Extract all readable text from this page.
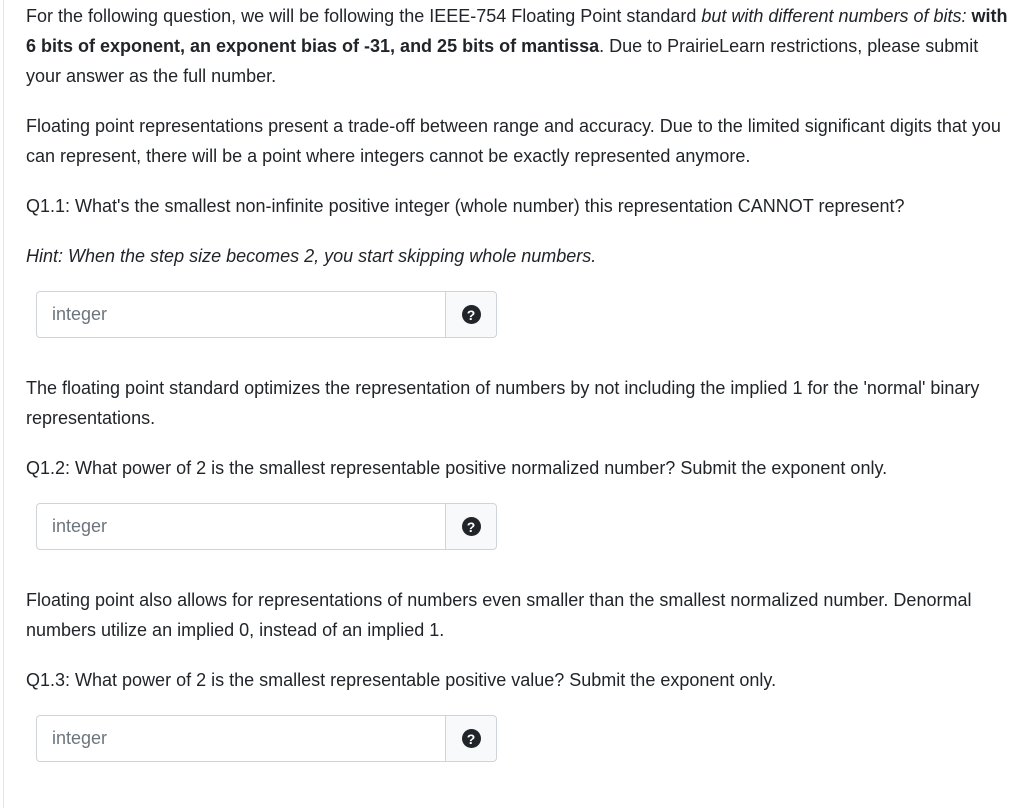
For the following question, we will be following the IEEE-754 Floating Point standard but with different numbers of bits: with 6 bits of exponent, an exponent bias of -31, and 25 bits of mantissa. Due to PrairieLearn restrictions, please submit your answer as the full number.

Floating point representations present a trade-off between range and accuracy. Due to the limited significant digits that you can represent, there will be a point where integers cannot be exactly represented anymore.

Q1.1: What's the smallest non-infinite positive integer (whole number) this representation CANNOT represent?

Hint: When the step size becomes 2, you start skipping whole numbers.

integer
?

The floating point standard optimizes the representation of numbers by not including the implied 1 for the 'normal' binary representations.

Q1.2: What power of 2 is the smallest representable positive normalized number? Submit the exponent only.

integer
?

Floating point also allows for representations of numbers even smaller than the smallest normalized number. Denormal numbers utilize an implied 0, instead of an implied 1.

Q1.3: What power of 2 is the smallest representable positive value? Submit the exponent only.

integer
?
